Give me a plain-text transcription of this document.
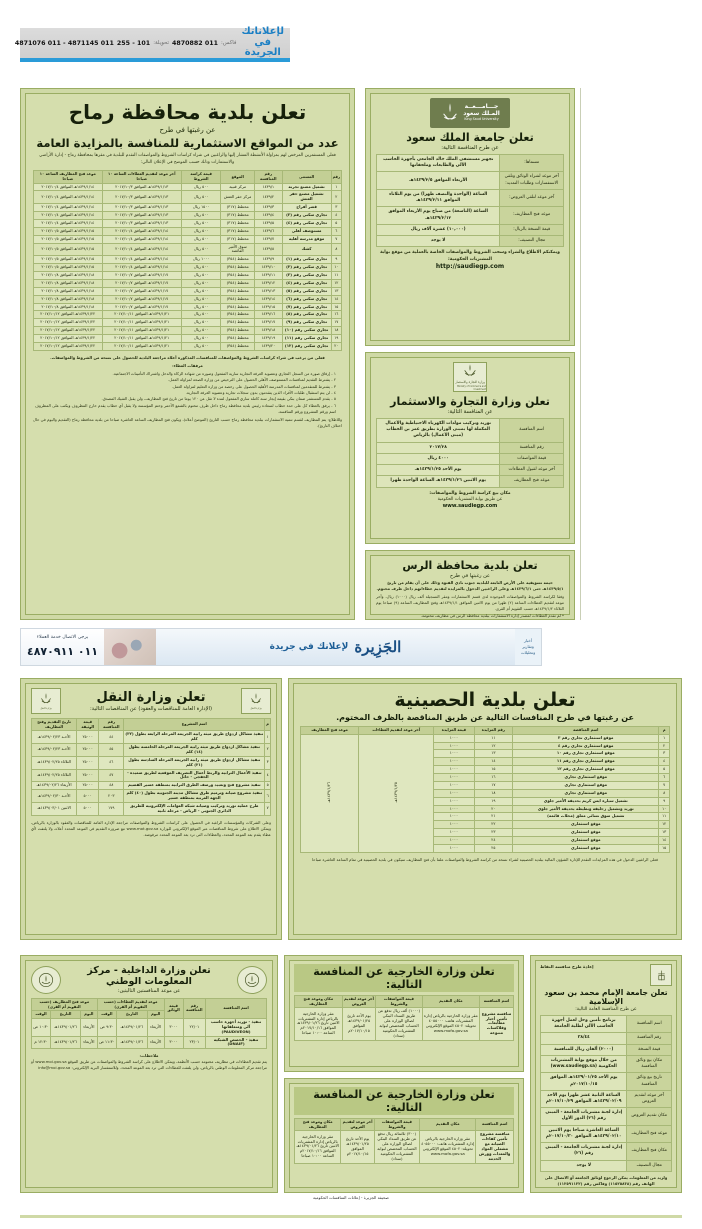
لإعلاناتك
في الجريدة
فاكس:
011 4870882
تحويلة:
101 - 255
011 4871145 - 011 4871076
تعلن بلدية محافظة رماح
عن رغبتها في طرح
عدد من المواقع الاستثمارية للمنافسة بالمزايدة العامة
فعلى المستثمرين المرخص لهم بمزاولة الأنشطة المشار إليها والراغبين في شراء كراسات الشروط والمواصفات التقدم للبلدية في مقرها بمحافظة رماح - إدارة الأراضي والاستثمارات وذلك حسب الموضح في الإعلان التالي:
رقم	المسمى	رقم المنافسة	الموقع	قيمة كراسة الشروط	آخر موعد لتقديم العطاءات الساعة ١٠ صباحا	موعد فتح المظاريف الساعة ١٠ صباحا
١	تشغيل مصنع تجربة	١٤٣٩/١	مركز قنيبة	٥٠٠ ريال	١٤٣٩/١/١٣هـ الموافق ٢٠١٧/١٠/٣	١٤٣٩/١/١٤هـ الموافق ٢٠١٧/١٠/٤
٢	تشغيل مصنع حفر العتش	١٤٣٩/٢	مركز حفر العتش	٥٠٠ ريال	١٤٣٩/١/١٣هـ الموافق ٢٠١٧/١٠/٣	١٤٣٩/١/١٤هـ الموافق ٢٠١٧/١٠/٤
٣	قصر أفراح	١٤٣٩/٣	مخطط (٣١٧)	١٥٠٠ ريال	١٤٣٩/١/١٣هـ الموافق ٢٠١٧/١٠/٣	١٤٣٩/١/١٤هـ الموافق ٢٠١٧/١٠/٤
٤	تجاري سكني رقم (٣)	١٤٣٩/٤	مخطط (٣١٧)	٥٠٠ ريال	١٤٣٩/١/١٣هـ الموافق ٢٠١٧/١٠/٣	١٤٣٩/١/١٤هـ الموافق ٢٠١٧/١٠/٤
٥	تجاري سكني رقم (٤)	١٤٣٩/٥	مخطط (٣١٧)	٥٠٠ ريال	١٤٣٩/١/١٣هـ الموافق ٢٠١٧/١٠/٣	١٤٣٩/١/١٤هـ الموافق ٢٠١٧/١٠/٤
٦	مستوصف أهلي	١٤٣٩/٦	مخطط (٣١٧)	٥٠٠ ريال	١٤٣٩/١/١٤هـ الموافق ٢٠١٧/١٠/٤	١٤٣٩/١/١٥هـ الموافق ٢٠١٧/١٠/٥
٧	موقع مدرسة أهلية	١٤٣٩/٧	مخطط (٣١٧)	٥٠٠ ريال	١٤٣٩/١/١٤هـ الموافق ٢٠١٧/١٠/٤	١٤٣٩/١/١٥هـ الموافق ٢٠١٧/١٠/٥
٨	كشك	١٤٣٩/٨	سوق الأمير الفائضة	٥٠٠ ريال	١٤٣٩/١/١٤هـ الموافق ٢٠١٧/١٠/٤	١٤٣٩/١/١٥هـ الموافق ٢٠١٧/١٠/٥
٩	تجاري سكني رقم (١)	١٤٣٩/٩	مخطط (٣٥٤)	١٠٠٠ ريال	١٤٣٩/١/١٤هـ الموافق ٢٠١٧/١٠/٤	١٤٣٩/١/١٥هـ الموافق ٢٠١٧/١٠/٥
١٠	تجاري سكني رقم (٢)	١٤٣٩/١٠	مخطط (٣٥٤)	٥٠٠ ريال	١٤٣٩/١/١٤هـ الموافق ٢٠١٧/١٠/٤	١٤٣٩/١/١٥هـ الموافق ٢٠١٧/١٠/٥
١١	تجاري سكني رقم (٣)	١٤٣٩/١١	مخطط (٣٥٤)	٥٠٠ ريال	١٤٣٩/١/١٧هـ الموافق ٢٠١٧/١٠/٧	١٤٣٩/١/١٨هـ الموافق ٢٠١٧/١٠/٨
١٢	تجاري سكني رقم (٤)	١٤٣٩/١٢	مخطط (٣٥٤)	٥٠٠ ريال	١٤٣٩/١/١٧هـ الموافق ٢٠١٧/١٠/٧	١٤٣٩/١/١٨هـ الموافق ٢٠١٧/١٠/٨
١٣	تجاري سكني رقم (٥)	١٤٣٩/١٣	مخطط (٣٥٤)	٥٠٠ ريال	١٤٣٩/١/١٧هـ الموافق ٢٠١٧/١٠/٧	١٤٣٩/١/١٨هـ الموافق ٢٠١٧/١٠/٨
١٤	تجاري سكني رقم (٦)	١٤٣٩/١٤	مخطط (٣٥٤)	٥٠٠ ريال	١٤٣٩/١/١٧هـ الموافق ٢٠١٧/١٠/٧	١٤٣٩/١/١٨هـ الموافق ٢٠١٧/١٠/٨
١٥	تجاري سكني رقم (٧)	١٤٣٩/١٥	مخطط (٣٥٤)	٥٠٠ ريال	١٤٣٩/١/١٧هـ الموافق ٢٠١٧/١٠/٧	١٤٣٩/١/١٨هـ الموافق ٢٠١٧/١٠/٨
١٦	تجاري سكني رقم (٨)	١٤٣٩/١٦	مخطط (٣٥٤)	٥٠٠ ريال	١٤٣٩/١/٢١هـ الموافق ٢٠١٧/١٠/١١	١٤٣٩/١/٢٢هـ الموافق ٢٠١٧/١٠/١٢
١٧	تجاري سكني رقم (٩)	١٤٣٩/١٧	مخطط (٣٥٤)	٥٠٠ ريال	١٤٣٩/١/٢١هـ الموافق ٢٠١٧/١٠/١١	١٤٣٩/١/٢٢هـ الموافق ٢٠١٧/١٠/١٢
١٨	تجاري سكني رقم (١٠)	١٤٣٩/١٨	مخطط (٣٥٤)	٥٠٠ ريال	١٤٣٩/١/٢١هـ الموافق ٢٠١٧/١٠/١١	١٤٣٩/١/٢٢هـ الموافق ٢٠١٧/١٠/١٢
١٩	تجاري سكني رقم (١١)	١٤٣٩/١٩	مخطط (٣٥٤)	٥٠٠ ريال	١٤٣٩/١/٢١هـ الموافق ٢٠١٧/١٠/١١	١٤٣٩/١/٢٢هـ الموافق ٢٠١٧/١٠/١٢
٢٠	تجاري سكني رقم (١٢)	١٤٣٩/٢٠	مخطط (٣٥٤)	٥٠٠ ريال	١٤٣٩/١/٢١هـ الموافق ٢٠١٧/١٠/١١	١٤٣٩/١/٢٢هـ الموافق ٢٠١٧/١٠/١٢
فعلى من يرغب في شراء كراسات الشروط والمواصفات للمنافسات المذكورة أعلاه مراجعة البلدية للحصول على نسخة من الشروط والمواصفات.
مرفقات العطاء:
١ - إرفاق صورة من السجل التجاري وعضوية الغرفة التجارية سارية المفعول وصورة من شهادة الزكاة والدخل واشتراك التأمينات الاجتماعية.
٢ - يشترط التقديم لمنافسات المستوصف الأهلي الحصول على الترخيص من وزارة الصحة لمزاولة العمل.
٣ - يشترط للمتقدمين لمنافسات المدرسة الأهلية الحصول على رخصة من وزارة التعليم لمزاولة العمل.
٤ - لن يتم استقبال طلبات الأفراد الذين يتقدمون بدون سجلات تجارية وعضوية الغرفة التجارية.
٥ - يقدم المستثمر ضمان بنكي بقيمة إيجار سنة كاملة ساري المفعول لمدة لا تقل عن ١٢٠ يوما من تاريخ فتح المظاريف، ولن يقبل الشيك المصدق.
٦ - يرفق بالعطاء كل على حدة خطاب لسعادة رئيس بلدية محافظة رماح داخل ظرف مختوم بالشمع الأحمر وختم المؤسسة ولا يقبل أي خطاب يقدم خارج المظروف ويكتب على المظروف اسم ورقم المشروع ورقم المنافسة.
وللاطلاع: يتم المطاريف لقسم تنمية الاستثمارات ببلدية محافظة رماح حسب التاريخ (الموضح أعلاه)، ويكون فتح المظاريف الساعة العاشرة صباحا من بلدية محافظة رماح (التقديم واليوم في حال اختلاف التاريخ).
جـــامـــعــة
المـلك سعود
King Saud University
تعلن جامعة الملك سعود
عن طرح المنافسة التالية:
مسماها:	تجهيز مستشفى الملك خالد الجامعي بأجهزة الحاسب الآلي والطابعات وملحقاتها
آخر موعد لشراء الوثائق وتلقي الاستفسارات وطلبات التمديد:	الأربعاء الموافق ١٤٣٩/٢/٥هـ
آخر موعد لتلقي العروض:	الساعة (الواحدة والنصف ظهرا) من يوم الثلاثاء الموافق ١٤٣٩/٢/١١هـ
موعد فتح المظاريف:	الساعة (التاسعة) من صباح يوم الأربعاء الموافق ١٤٣٩/٢/١٢هـ
قيمة النسخة بالريال:	(١٠,٠٠٠) عشرة آلاف ريال
مجال التصنيف:	لا يوجد
ويمكنكم الاطلاع والشراء وسحب الشروط والمواصفات الخاصة بالعملية من موقع بوابة المشتريات الحكومية:
http://saudiegp.com
وزارة التجارة والاستثمار
Ministry of Commerce and Investment
تعلن وزارة التجارة والاستثمار
عن المنافسة التالية:
اسم المنافسة	توريد وتركيب مولدات الكهرباء الاحتياطية والأعمال المكملة لها بمبنى الوزارة بطريق عمر بن الخطاب (مبنى الأعمال) بالرياض
رقم المنافسة	٢٠١٧/٢٨
قيمة المواصفات	٤٠٠٠ ريال
آخر موعد لقبول العطاءات	يوم الأحد ١٤٣٩/١/٢٥هـ
موعد فتح المظاريف	يوم الاثنين ١٤٣٩/١/٢٦هـ الساعة الواحدة ظهرا
مكان بيع كراسة الشروط والمواصفات:
عن طريق بوابة المشتريات الحكومية
www.saudiegp.com
تعلن بلدية محافظة الرس
عن رغبتها في طرح
خيمة تسويقية على الأرض التابعة للبلدية جنوب نادي الفتوة وذلك على أن يقام من تاريخ ١٤٣٩/٥/١هـ حتى ١٤٣٩/٦/١هـ وعلى الراغبين الدخول بالمزايدة لتقديم عطاءاتهم داخل ظرف مختوم.
وفقا لكراسة الشروط والمواصفات الموجودة لدى قسم الاستثمارات ومقر التسجيلة ألف ريال (١٠٠٠) ريال، وآخر موعد لتقديم العطاءات الساعة (٢) ظهرا من يوم الاثنين الموافق ١٤٣٩/١/١هـ وفتح المظاريف الساعة (٩) صباحا يوم الثلاثاء ١٤٣٩/١/٢هـ حسب التقويم أم القرى.
* لم تقدم العطاءات لمصدر إدارة الاستثمارات ببلدية محافظة الرس في مظاريف مختومة.
أخبار
وتقارير
وتحليلات
الجَزِيرة
لإعلانك في جريدة
يرجى الاتصال خدمة العملاء
٠١١ ٤٨٧٠٩١١
وزارة النقل
تعلن وزارة النقل
(الإدارة العامة للمناقصات والعقود) عن المناقصات التالية:
وزارة النقل
م	اسم المشروع	رقم المنافسة	قيمة الوثيقة	تاريخ التقديم وفتح المظاريف
١	تنفيذ مشاكل ازدواج طريق ميثة رابية الجريمة المرحلة الرابعة بطول (٣٢) كلم	٤٤	٢٥٠٠٠	الأحـد ١٤٣٩/٠٢/٢٣هـ
٢	تنفيذ مشاكل ازدواج طريق ميثة رابية الجريمة المرحلة الخامسة بطول (١٤) كلم	٤٥	٢٥٠٠٠	الأحـد ١٤٣٩/٠٢/٢٣هـ
٣	تنفيذ مشاكل ازدواج طريق ميثة رابية الجريمة المرحلة السادسة بطول (٢١) كلم	٤٦	٢٥٠٠٠	الثلاثاء ١٤٣٩/٠٢/٢٥هـ
٤	تنفيذ الأعمال الترابية والربط أعمال التصريف الموقعية لطريق ضميدة - الخفجي - حائل	٤٧	٢٥٠٠٠	الثلاثاء ١٤٣٩/٠٢/٢٥هـ
٥	تنفيذ مشروع فتح وتعبيد ورصف الطرق الترابية بمنطقة عسير القصيم	٤٨	٢٥٠٠٠	الأربعاء ١٤٣٩/٠٢/٢٦هـ
٦	تنفيذ مشروع صيانة وترميم طرق مشاكل مدينة الجنوبية بطول (٤٠) كلم الجهة الغربية بمنطقة عسير	٢٠٣	٥٠٠٠	الأحـد ١٤٣٩/٠٢/٣٠هـ
٧	طرح عملية توريد وتركيب وصيانة شبكة العوامات الإلكترونية للطريق الدائري الجنوبي - الرياض - مرحلة ثانية	١٧٩	٥٠٠٠	الاثنين ١٤٣٩/٠٣/٠١هـ
وعلى الشركات والمؤسسات الراغبة في الحصول على كراسات الشروط والمواصفات مراجعة الإدارة العامة للمناقصات والعقود بالوزارة بالرياض، ويمكن الاطلاع على شروط المناقصات عبر الموقع الإلكتروني للوزارة www.mot.gov.sa مع ضرورة التقديم في الموعد المحدد أعلاه، ولا يلتفت لأي عطاء يقدم بعد الموعد المحدد، والعطاءات التي ترد بعد الموعد المحدد مرفوضة.
تعلن بلدية الحصينية
عن رغبتها في طرح المنافسات التالية عن طريق المناقصة بالظرف المختوم.
م	اسم المناقصة	رقم المزايدة	قيمة المزايدة	آخر موعد لتقديم العطاءات	موعد فتح المظاريف
١	موقع استثماري تجاري رقم ٣	١١	١٠٠٠	١٤٣٩/١/٢٥هـ	١٤٣٩/١/٢٦هـ
٢	موقع استثماري تجاري رقم ٤	١٢	١٠٠٠		
٣	موقع استثماري تجاري رقم ١٠	١٣	١٠٠٠		
٤	موقع استثماري تجاري رقم ١١	١٤	١٠٠٠		
٥	موقع استثماري تجاري رقم ١٢	١٥	١٠٠٠		
٦	موقع استثماري تجاري	١٦	١٠٠٠		
٧	موقع استثماري تجاري	١٧	١٠٠٠		
٨	موقع استثماري تجاري	١٨	١٠٠٠		
٩	تشغيل سيارة ايس كريم بحديقة الأمير جلوي	١٩	١٠٠٠		
١٠	توريد وتشغيل زحليقة ونطيطة بحديقة الأمير جلوي	٢٠	١٠٠٠		
١١	تشغيل سوق نسائي مغلق (محلات قائمة)	٢١	١٠٠٠		
١٢	موقع استثماري	٢٢	١٠٠٠		
١٣	موقع استثماري	٢٣	١٠٠٠		
١٤	موقع استثماري	٢٤	١٠٠٠		
١٥	موقع استثماري	٢٥	١٠٠٠		
فعلى الراغبين الدخول في هذه المزايدات التقدم للإدارة الشؤون المالية ببلدية الحصينية لشراء نسخة من كراسة الشروط والمواصفات علما بأن فتح المظاريف سيكون في بلدية الحصينية في تمام الساعة العاشرة صباحا
تعلن وزارة الداخلية - مركز المعلومات الوطني
عن موعد المنافستين التاليتين:
اسم المنافسة	رقم المنافسة	قيمة الوثائق	موعد لتقديم العطاءات (حسب التقويم أم القرى)			موعد فتح المظاريف (حسب التقويم أم القرى)		
			اليوم	التاريخ	الوقت	اليوم	التاريخ	الوقت
تنفيذ - توريد أجهزة حاسب آلي ومتعلقاتها (PAUDIVEON)	٢٢/٠١	٣٠٠٠	الأربعاء	١٤٣٩/٠١/٢٦هـ	٩:٣٠ ص	الأربعاء	١٤٣٩/٠١/٢٦هـ	١٠:٣٠ ص
تنفيذ - الحصص الشبكية (DNAIF)	٢٣/٠١	٣٠٠٠	الأربعاء	١٤٣٩/٠١/٢٦هـ	١١:٣٠ ص	الأربعاء	١٤٣٩/٠١/٢٦هـ	١٢:٣٠ م
ملاحظات:
يتم تقديم العطاءات في مظاريف مختومة حسب الأنظمة، ويمكن الاطلاع على كراسة الشروط والمواصفات عن طريق الموقع www.moi.gov.sa أو مراجعة مركز المعلومات الوطني بالرياض، ولن يلتفت للعطاءات التي ترد بعد الموعد المحدد. وللاستفسار البريد الإلكتروني: info@moi.gov.sa
تعلن وزارة الخارجية عن المنافسة التالية:
اسم المنافسة	مكان التقديم	قيمة المواصفات والشروط	آخر موعد لتقديم العروض	مكان وموعد فتح المظاريف
منافسة مشروع تأمين أخبار مطابعات وقلاكسات متنوعة	مقر وزارة الخارجية بالرياض إدارة المشتريات هاتف: ٤٠٥٥٠٠٠ تحويلة: ٤٥٠٢ الموقع الإلكتروني www.mofa.gov.sa	(١٠٠٠) ألف ريال تدفع عن طريق السداد البنكي لصالح الوزارة على الحساب المخصص لبوابة المشتريات الحكومية (سداد)	يوم الأحد تاريخ ١٤٣٩/٠١/٢٥هـ الموافق ٢٠١٧/١٠/١٥م	مقر وزارة الخارجية بالرياض إدارة المشتريات الاثنين تاريخ ١٤٣٩/٠١/٢٦هـ الموافق ٢٠١٧/١٠/١٦م الساعة ١٠:٠٠ صباحا
تعلن وزارة الخارجية عن المنافسة التالية:
اسم المنافسة	مكان التقديم	قيمة المواصفات والشروط	آخر موعد لتقديم العروض	مكان وموعد فتح المظاريف
منافسة مشروع تأمين كفاءات الصيانة مع مشغلي المواد والمعدات وورش الخدمة	مقر وزارة الخارجية بالرياض إدارة المشتريات هاتف: ٤٠٥٥٠٠٠ تحويلة: ٤٥٠٢ الموقع الإلكتروني www.mofa.gov.sa	(٣٠٠) ثلاثمائة ريال تدفع عن طريق السداد البنكي لصالح الوزارة على الحساب المخصص لبوابة المشتريات الحكومية (سداد)	يوم الأحد تاريخ ١٤٣٩/٠١/٢٥هـ الموافق ٢٠١٧/١٠/١٥م	مقر وزارة الخارجية بالرياض إدارة المشتريات الاثنين تاريخ ١٤٣٩/٠١/٢٦هـ الموافق ٢٠١٧/١٠/١٦م الساعة ١٠:٠٠ صباحا
إعادة طرح منافسة النقاط
تعلن جامعة الإمام محمد بن سعود الإسلامية
عن طرح المنافسة العامة التالية:
اسم المنافسة	برنامج تأمين وحل لعمل أجهزة الحاسب الآلي لطلبة الجامعة
رقم المنافسة	٣٨/٤٤
قيمة النسخة	(٢٠٠٠) ألفان ريال للمنافسة
مكان بيع وثائق المنافسة	من خلال موقع بوابة المشتريات الحكومية (www.saudiegp.sa)
تاريخ بيع وثائق المنافسة	يوم الأحد ١٤٣٩/٠١/٢٥هـ الموافق ٢٠١٧/١٠/١٥م
آخر موعد لتقديم العروض	الساعة الثانية عشر ظهرا يوم الأحد ١٤٣٩/٠٢/٠٩هـ الموافق ٢٠١٧/١٠/٢٩م
مكان تقديم العروض	إدارة لجنة مشتريات الجامعة - المبنى رقم (٢٦) الدور الأول
موعد فتح المظاريف	الساعة العاشرة صباحا يوم الاثنين ١٤٣٩/٠٢/١٠هـ الموافق ٢٠١٧/١٠/٣٠م
مكان فتح المظاريف	إدارة لجنة مشتريات الجامعة - المبنى رقم (٢٦)
مجال التصنيف	لا يوجد
ولزيد من المعلومات يمكن الرجوع لوثائق الجامعة أو الاتصال على الهاتف رقم (١١٥٢٥٨٣٨) وفاكس رقم (١١٢٥٩١١٢٢)
صحيفة الجزيرة - إعلانات المنافسات الحكومية
